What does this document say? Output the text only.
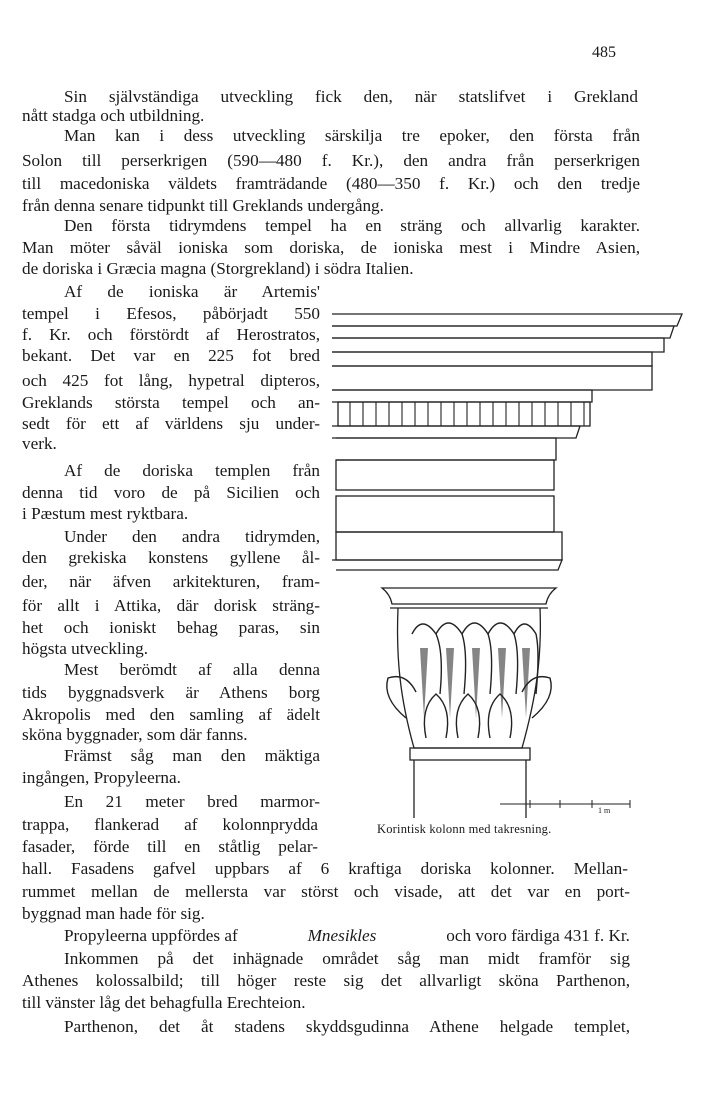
485
Sin självständiga utveckling fick den, när statslifvet i Grekland
nått stadga och utbildning.
Man kan i dess utveckling särskilja tre epoker, den första från
Solon till perserkrigen (590—480 f. Kr.), den andra från perserkrigen
till macedoniska väldets framträdande (480—350 f. Kr.) och den tredje
från denna senare tidpunkt till Greklands undergång.
Den första tidrymdens tempel ha en sträng och allvarlig karakter.
Man möter såväl ioniska som doriska, de ioniska mest i Mindre Asien,
de doriska i Græcia magna (Storgrekland) i södra Italien.
Af de ioniska är Artemis'
tempel i Efesos, påbörjadt 550
f. Kr. och förstördt af Herostratos,
bekant. Det var en 225 fot bred
och 425 fot lång, hypetral dipteros,
Greklands största tempel och an-
sedt för ett af världens sju under-
verk.
Af de doriska templen från
denna tid voro de på Sicilien och
i Pæstum mest ryktbara.
Under den andra tidrymden,
den grekiska konstens gyllene ål-
der, när äfven arkitekturen, fram-
för allt i Attika, där dorisk sträng-
het och ioniskt behag paras, sin
högsta utveckling.
Mest berömdt af alla denna
tids byggnadsverk är Athens borg
Akropolis med den samling af ädelt
sköna byggnader, som där fanns.
Främst såg man den mäktiga
ingången, Propyleerna.
En 21 meter bred marmor-
trappa, flankerad af kolonnprydda
fasader, förde till en ståtlig pelar-
hall. Fasadens gafvel uppbars af 6 kraftiga doriska kolonner. Mellan-
rummet mellan de mellersta var störst och visade, att det var en port-
byggnad man hade för sig.
Propyleerna uppfördes af	Mnesikles	och voro färdiga 431 f. Kr.
Inkommen på det inhägnade området såg man midt framför sig
Athenes kolossalbild; till höger reste sig det allvarligt sköna Parthenon,
till vänster låg det behagfulla Erechteion.
Parthenon, det åt stadens skyddsgudinna Athene helgade templet,
1 m
Korintisk kolonn med takresning.
